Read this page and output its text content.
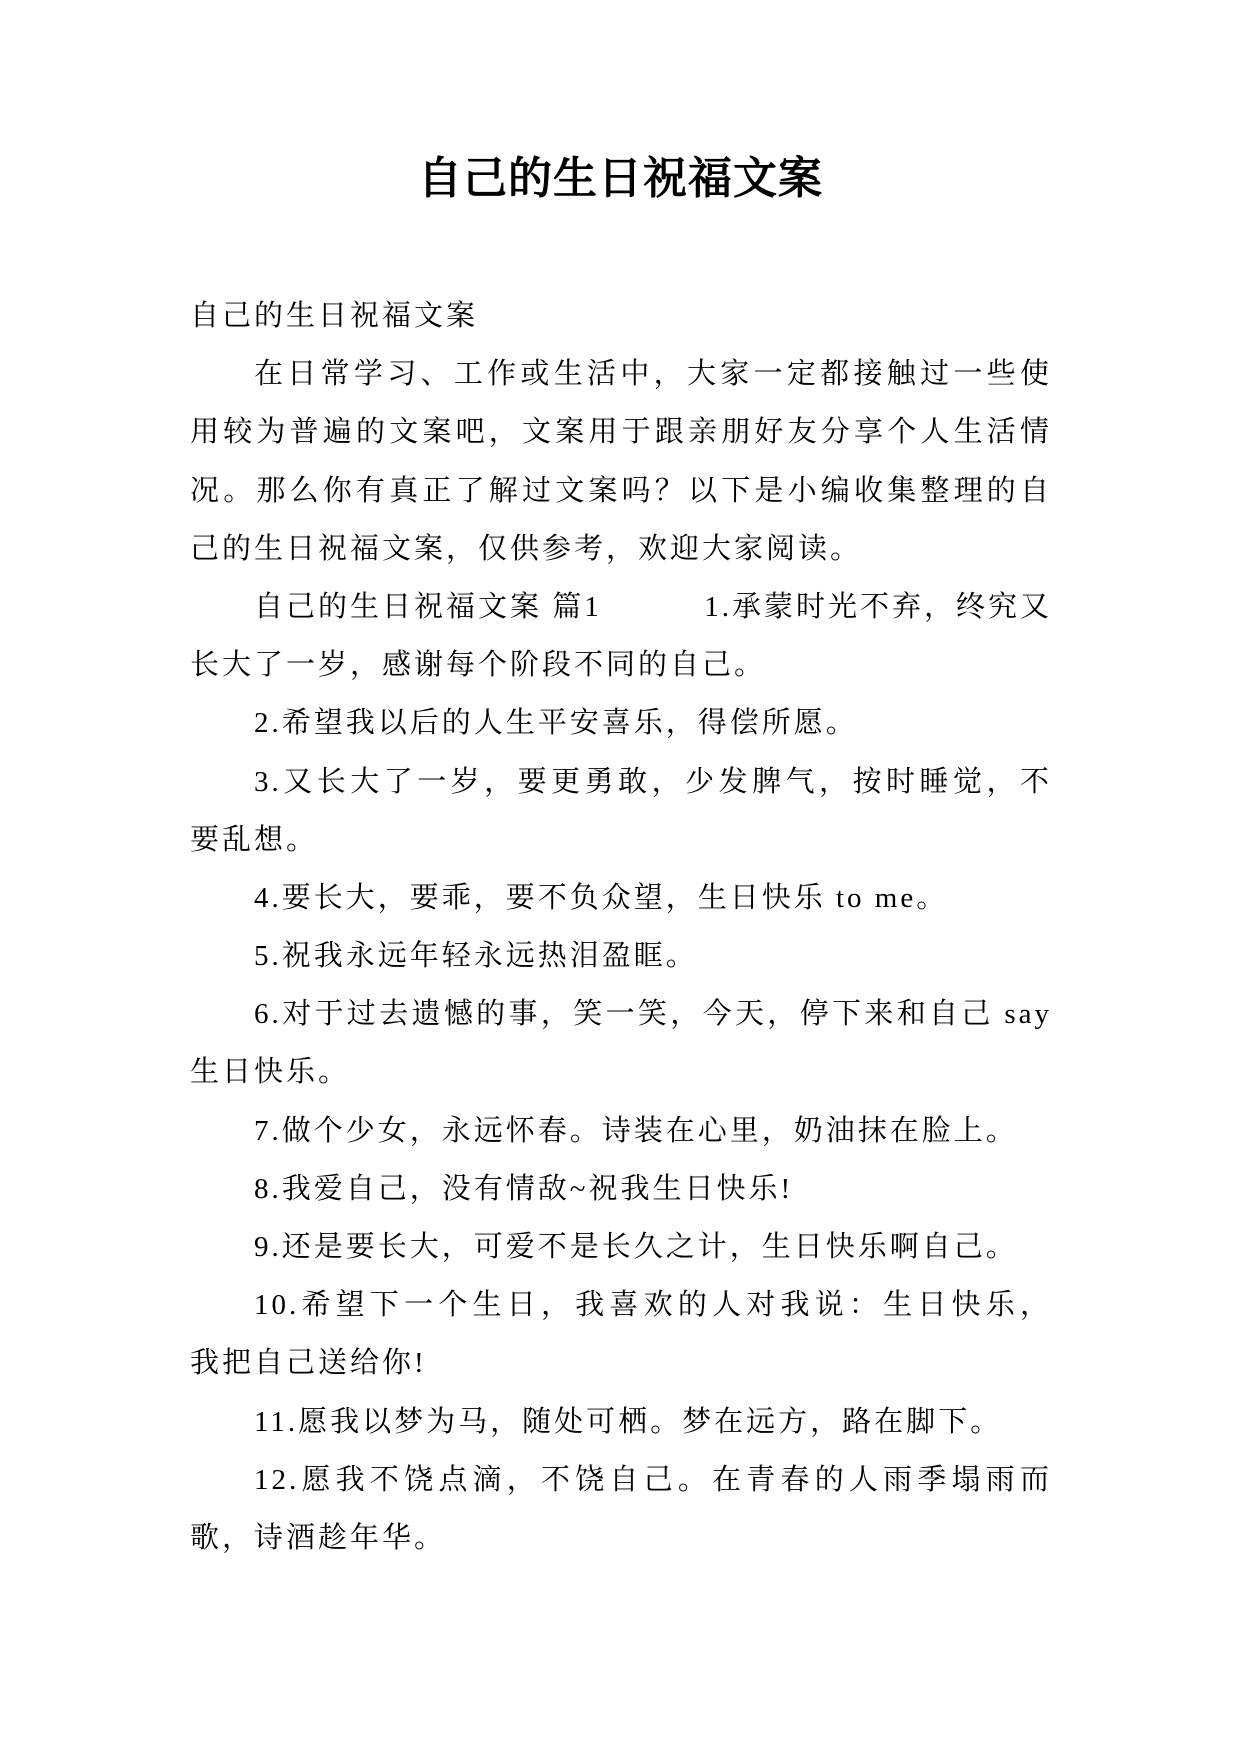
自己的生日祝福文案
自己的生日祝福文案
在日常学习、工作或生活中，大家一定都接触过一些使
用较为普遍的文案吧，文案用于跟亲朋好友分享个人生活情
况。那么你有真正了解过文案吗？以下是小编收集整理的自
己的生日祝福文案，仅供参考，欢迎大家阅读。
自己的生日祝福文案 篇1	1.承蒙时光不弃，终究又
长大了一岁，感谢每个阶段不同的自己。
2.希望我以后的人生平安喜乐，得偿所愿。
3.又长大了一岁，要更勇敢，少发脾气，按时睡觉，不
要乱想。
4.要长大，要乖，要不负众望，生日快乐 to me。
5.祝我永远年轻永远热泪盈眶。
6.对于过去遗憾的事，笑一笑，今天，停下来和自己 say
生日快乐。
7.做个少女，永远怀春。诗装在心里，奶油抹在脸上。
8.我爱自己，没有情敌~祝我生日快乐!
9.还是要长大，可爱不是长久之计，生日快乐啊自己。
10.希望下一个生日，我喜欢的人对我说：生日快乐，
我把自己送给你!
11.愿我以梦为马，随处可栖。梦在远方，路在脚下。
12.愿我不饶点滴，不饶自己。在青春的人雨季塌雨而
歌，诗酒趁年华。
